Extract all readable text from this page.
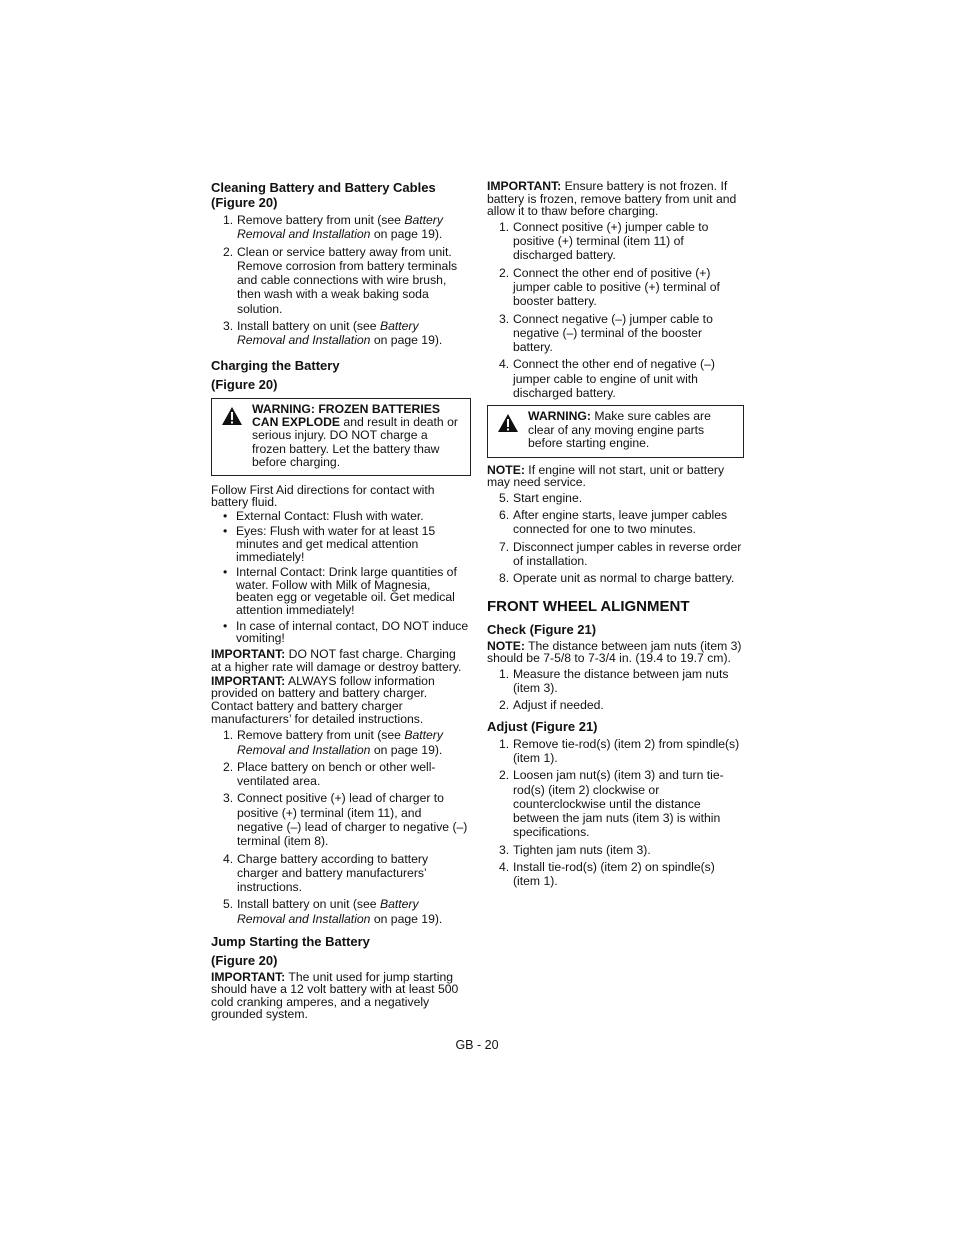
Cleaning Battery and Battery Cables (Figure 20)
1. Remove battery from unit (see Battery Removal and Installation on page 19).
2. Clean or service battery away from unit. Remove corrosion from battery terminals and cable connections with wire brush, then wash with a weak baking soda solution.
3. Install battery on unit (see Battery Removal and Installation on page 19).
Charging the Battery
(Figure 20)
WARNING: FROZEN BATTERIES CAN EXPLODE and result in death or serious injury. DO NOT charge a frozen battery. Let the battery thaw before charging.

Follow First Aid directions for contact with battery fluid.

• External Contact: Flush with water.
• Eyes: Flush with water for at least 15 minutes and get medical attention immediately!
• Internal Contact: Drink large quantities of water. Follow with Milk of Magnesia, beaten egg or vegetable oil. Get medical attention immediately!
• In case of internal contact, DO NOT induce vomiting!

IMPORTANT: DO NOT fast charge. Charging at a higher rate will damage or destroy battery.

IMPORTANT: ALWAYS follow information provided on battery and battery charger. Contact battery and battery charger manufacturers’ for detailed instructions.

1. Remove battery from unit (see Battery Removal and Installation on page 19).
2. Place battery on bench or other well-ventilated area.
3. Connect positive (+) lead of charger to positive (+) terminal (item 11), and negative (–) lead of charger to negative (–) terminal (item 8).
4. Charge battery according to battery charger and battery manufacturers’ instructions.
5. Install battery on unit (see Battery Removal and Installation on page 19).
Jump Starting the Battery
(Figure 20)

IMPORTANT: The unit used for jump starting should have a 12 volt battery with at least 500 cold cranking amperes, and a negatively grounded system.

IMPORTANT: Ensure battery is not frozen. If battery is frozen, remove battery from unit and allow it to thaw before charging.

1. Connect positive (+) jumper cable to positive (+) terminal (item 11) of discharged battery.
2. Connect the other end of positive (+) jumper cable to positive (+) terminal of booster battery.
3. Connect negative (–) jumper cable to negative (–) terminal of the booster battery.
4. Connect the other end of negative (–) jumper cable to engine of unit with discharged battery.
WARNING: Make sure cables are clear of any moving engine parts before starting engine.

NOTE: If engine will not start, unit or battery may need service.

5. Start engine.
6. After engine starts, leave jumper cables connected for one to two minutes.
7. Disconnect jumper cables in reverse order of installation.
8. Operate unit as normal to charge battery.
FRONT WHEEL ALIGNMENT
Check (Figure 21)

NOTE: The distance between jam nuts (item 3) should be 7-5/8 to 7-3/4 in. (19.4 to 19.7 cm).

1. Measure the distance between jam nuts (item 3).
2. Adjust if needed.
Adjust (Figure 21)
1. Remove tie-rod(s) (item 2) from spindle(s) (item 1).
2. Loosen jam nut(s) (item 3) and turn tie-rod(s) (item 2) clockwise or counterclockwise until the distance between the jam nuts (item 3) is within specifications.
3. Tighten jam nuts (item 3).
4. Install tie-rod(s) (item 2) on spindle(s) (item 1).
GB - 20
